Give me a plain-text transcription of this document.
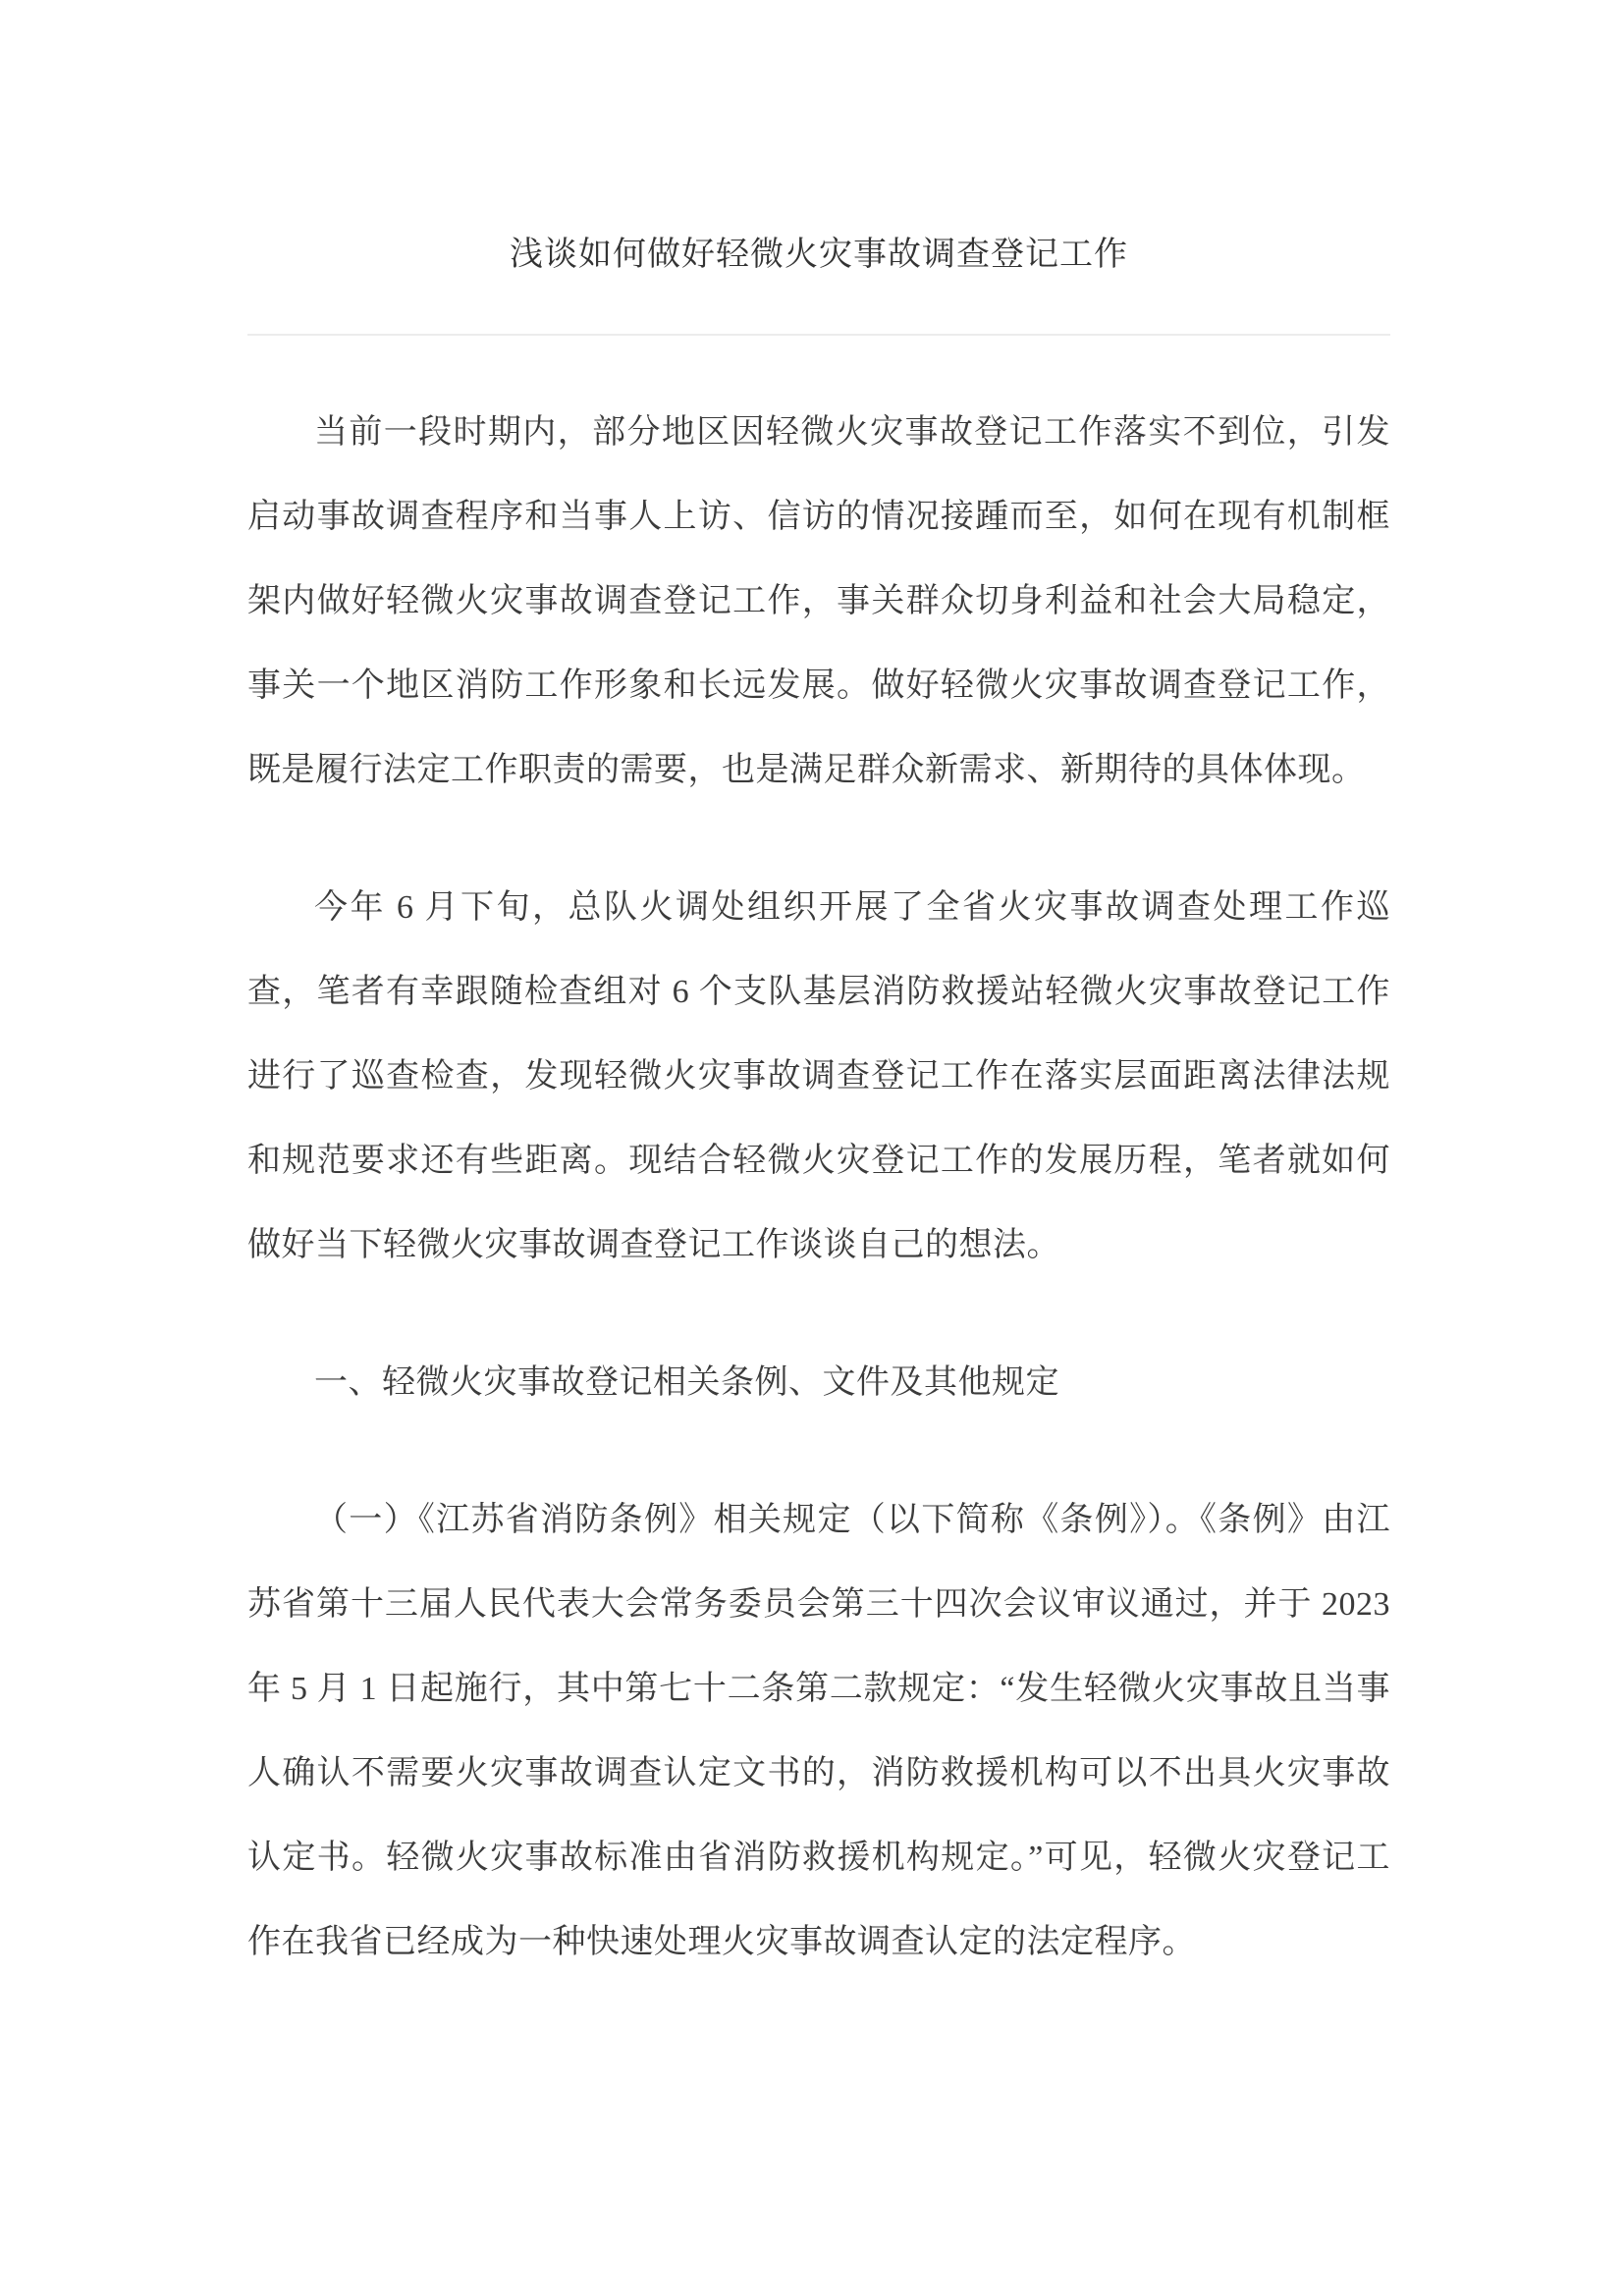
浅谈如何做好轻微火灾事故调查登记工作

当前一段时期内，部分地区因轻微火灾事故登记工作落实不到位，引发启动事故调查程序和当事人上访、信访的情况接踵而至，如何在现有机制框架内做好轻微火灾事故调查登记工作，事关群众切身利益和社会大局稳定，事关一个地区消防工作形象和长远发展。做好轻微火灾事故调查登记工作，既是履行法定工作职责的需要，也是满足群众新需求、新期待的具体体现。

今年 6 月下旬，总队火调处组织开展了全省火灾事故调查处理工作巡查，笔者有幸跟随检查组对 6 个支队基层消防救援站轻微火灾事故登记工作进行了巡查检查，发现轻微火灾事故调查登记工作在落实层面距离法律法规和规范要求还有些距离。现结合轻微火灾登记工作的发展历程，笔者就如何做好当下轻微火灾事故调查登记工作谈谈自己的想法。

一、轻微火灾事故登记相关条例、文件及其他规定

（一）《江苏省消防条例》相关规定（以下简称《条例》）。《条例》由江苏省第十三届人民代表大会常务委员会第三十四次会议审议通过，并于 2023 年 5 月 1 日起施行，其中第七十二条第二款规定：“发生轻微火灾事故且当事人确认不需要火灾事故调查认定文书的，消防救援机构可以不出具火灾事故认定书。轻微火灾事故标准由省消防救援机构规定。”可见，轻微火灾登记工作在我省已经成为一种快速处理火灾事故调查认定的法定程序。
